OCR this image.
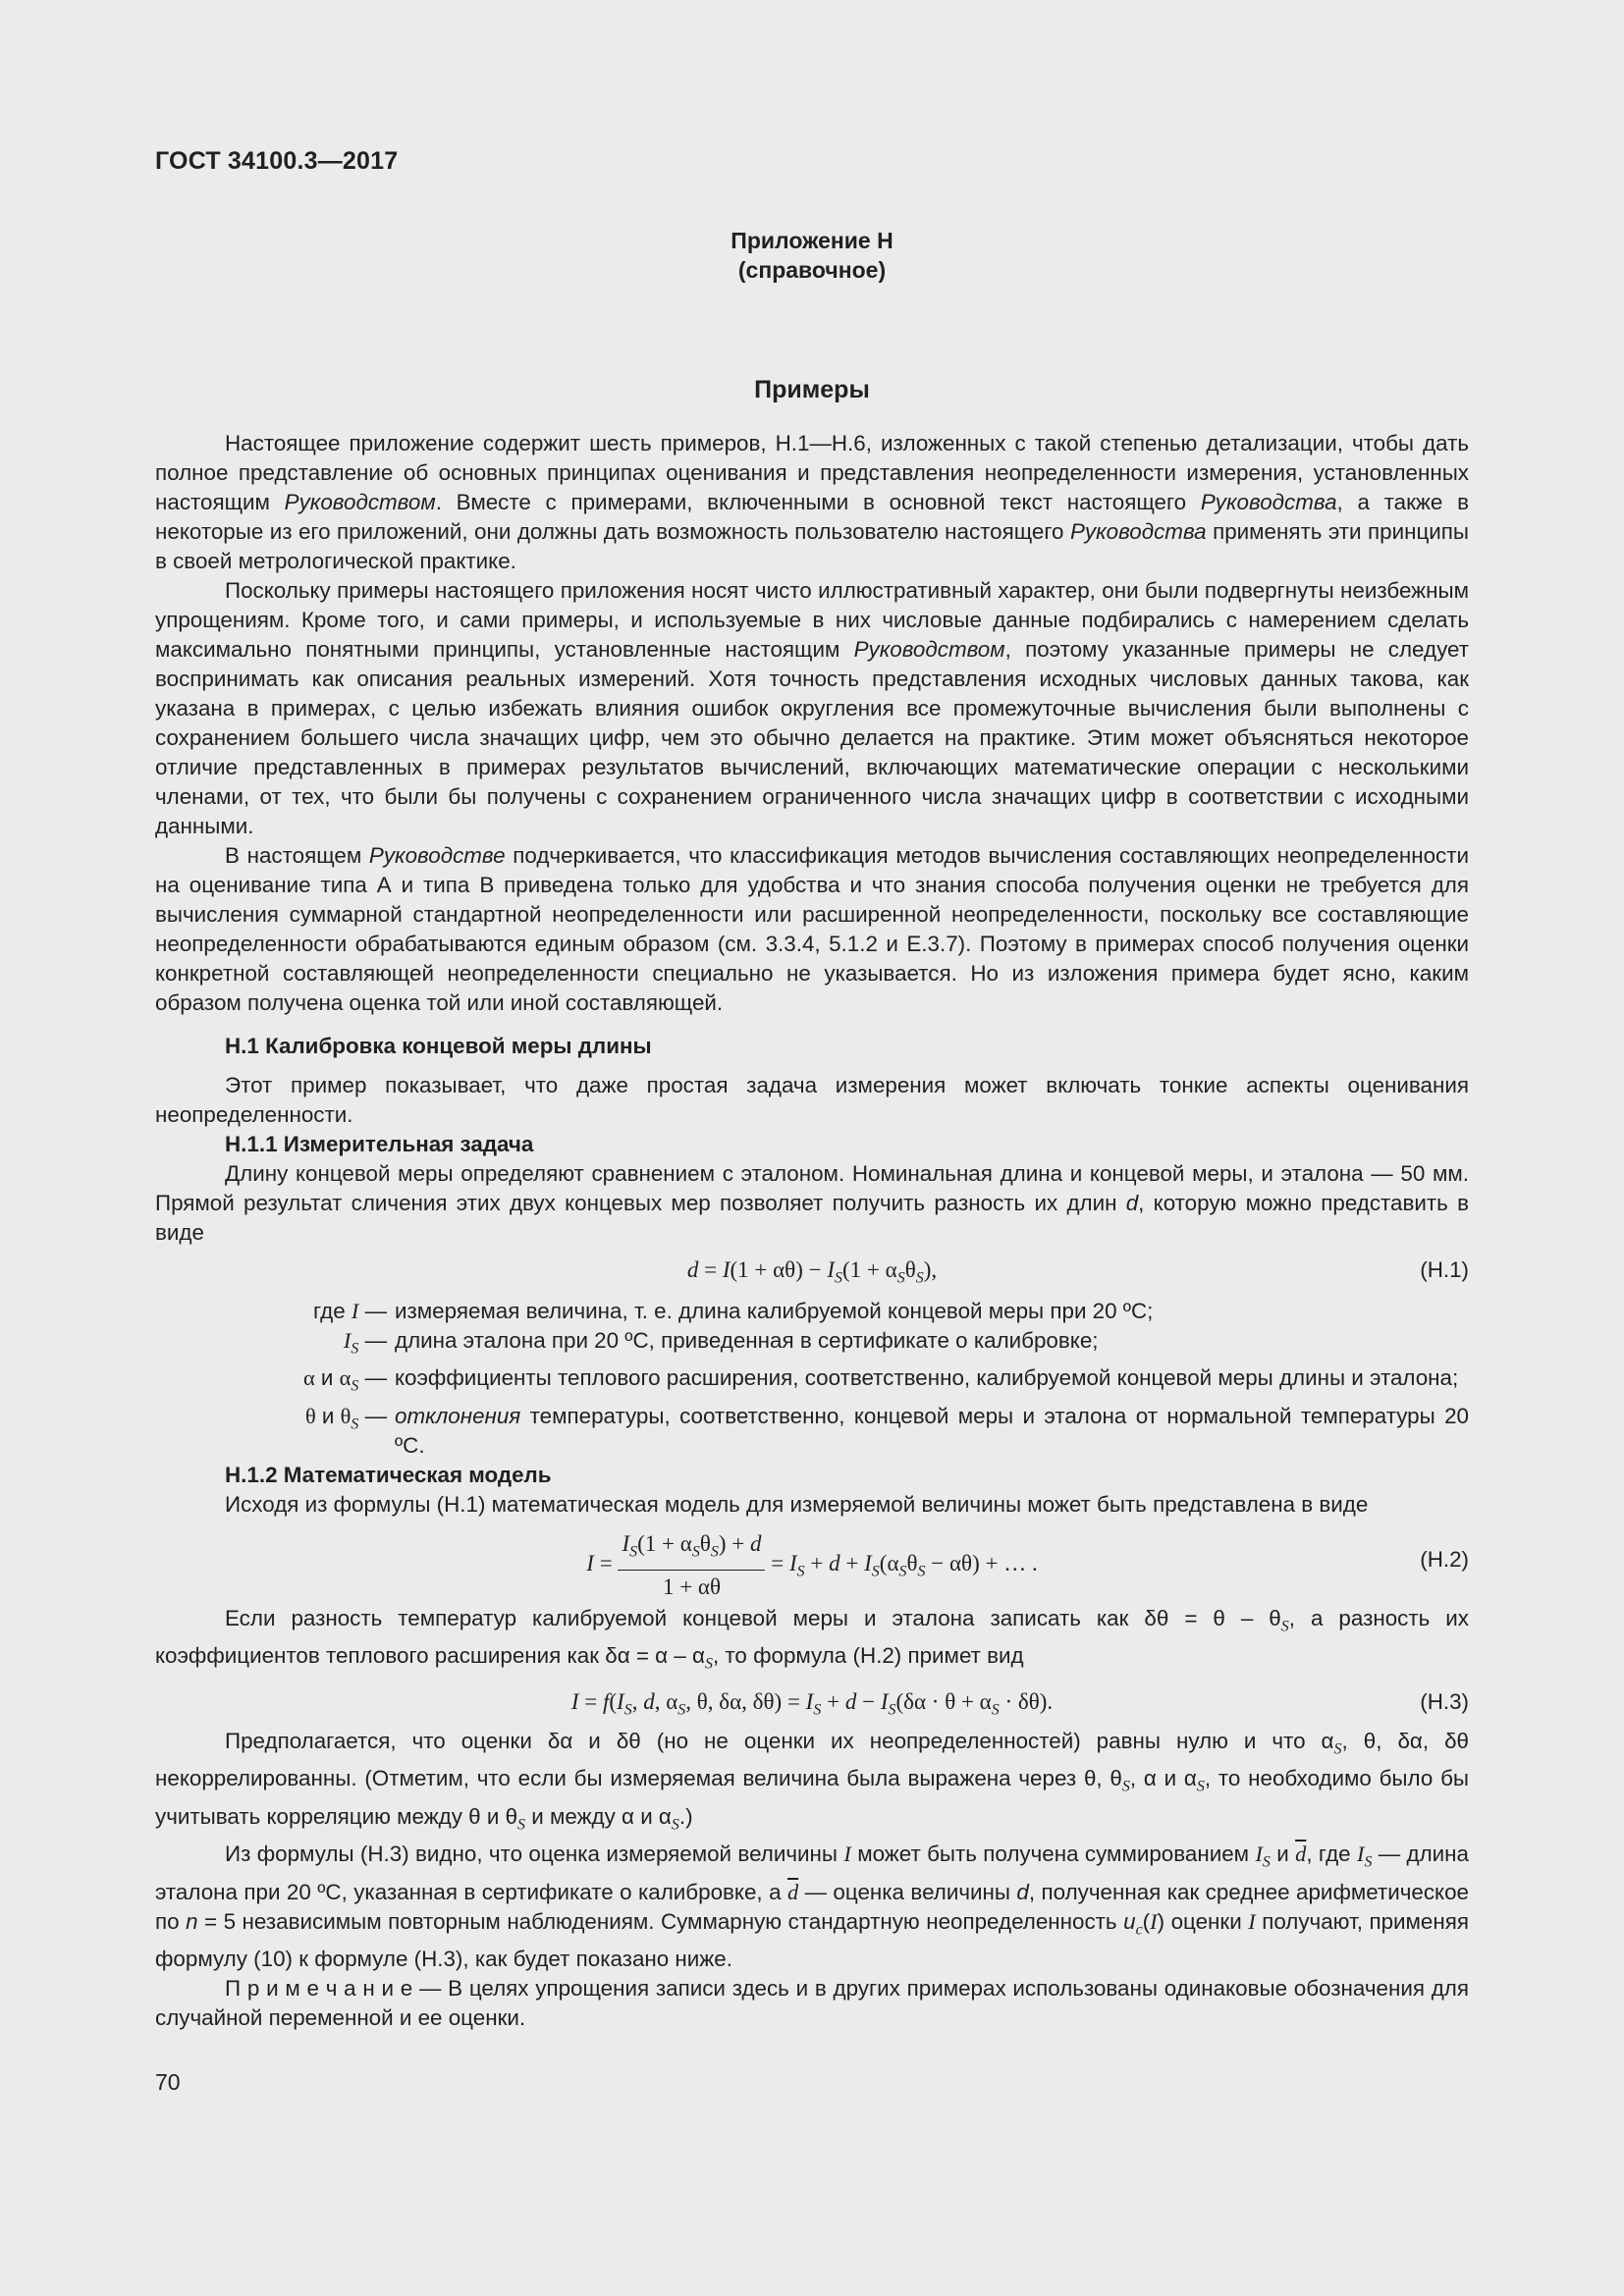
ГОСТ 34100.3—2017
Приложение Н
(справочное)
Примеры

Настоящее приложение содержит шесть примеров, Н.1—Н.6, изложенных с такой степенью детализации, чтобы дать полное представление об основных принципах оценивания и представления неопределенности измерения, установленных настоящим Руководством. Вместе с примерами, включенными в основной текст настоящего Руководства, а также в некоторые из его приложений, они должны дать возможность пользователю настоящего Руководства применять эти принципы в своей метрологической практике.

Поскольку примеры настоящего приложения носят чисто иллюстративный характер, они были подвергнуты неизбежным упрощениям. Кроме того, и сами примеры, и используемые в них числовые данные подбирались с намерением сделать максимально понятными принципы, установленные настоящим Руководством, поэтому указанные примеры не следует воспринимать как описания реальных измерений. Хотя точность представления исходных числовых данных такова, как указана в примерах, с целью избежать влияния ошибок округления все промежуточные вычисления были выполнены с сохранением большего числа значащих цифр, чем это обычно делается на практике. Этим может объясняться некоторое отличие представленных в примерах результатов вычислений, включающих математические операции с несколькими членами, от тех, что были бы получены с сохранением ограниченного числа значащих цифр в соответствии с исходными данными.

В настоящем Руководстве подчеркивается, что классификация методов вычисления составляющих неопределенности на оценивание типа А и типа В приведена только для удобства и что знания способа получения оценки не требуется для вычисления суммарной стандартной неопределенности или расширенной неопределенности, поскольку все составляющие неопределенности обрабатываются единым образом (см. 3.3.4, 5.1.2 и Е.3.7). Поэтому в примерах способ получения оценки конкретной составляющей неопределенности специально не указывается. Но из изложения примера будет ясно, каким образом получена оценка той или иной составляющей.

Н.1 Калибровка концевой меры длины

Этот пример показывает, что даже простая задача измерения может включать тонкие аспекты оценивания неопределенности.

Н.1.1 Измерительная задача

Длину концевой меры определяют сравнением с эталоном. Номинальная длина и концевой меры, и эталона — 50 мм. Прямой результат сличения этих двух концевых мер позволяет получить разность их длин d, которую можно представить в виде

$d = I(1 + \alpha\theta) - I_S(1 + \alpha_S\theta_S)$,	(Н.1)
где I — измеряемая величина, т. е. длина калибруемой концевой меры при 20 ºС;
$I_S$ — длина эталона при 20 ºС, приведенная в сертификате о калибровке;
α и $\alpha_S$ — коэффициенты теплового расширения, соответственно, калибруемой концевой меры длины и эталона;
θ и $\theta_S$ — отклонения температуры, соответственно, концевой меры и эталона от нормальной температуры 20 ºС.
Н.1.2 Математическая модель

Исходя из формулы (Н.1) математическая модель для измеряемой величины может быть представлена в виде

$I = \frac{I_S(1 + \alpha_S\theta_S) + d}{1 + \alpha\theta} = I_S + d + I_S(\alpha_S\theta_S - \alpha\theta)$ + … .	(Н.2)

Если разность температур калибруемой концевой меры и эталона записать как $\delta\theta = \theta - \theta_S$, а разность их коэффициентов теплового расширения как $\delta\alpha = \alpha - \alpha_S$, то формула (Н.2) примет вид

$I = f(I_S$, d, $\alpha_S$, θ, δα, $\delta\theta) = I_S + d - I_S(\delta\alpha \cdot \theta + \alpha_S \cdot \delta\theta)$.	(Н.3)

Предполагается, что оценки δα и δθ (но не оценки их неопределенностей) равны нулю и что $\alpha_S$, θ, δα, δθ некоррелированны. (Отметим, что если бы измеряемая величина была выражена через θ, $\theta_S$, α и $\alpha_S$, то необходимо было бы учитывать корреляцию между θ и $\theta_S$ и между α и $\alpha_S$.)

Из формулы (Н.3) видно, что оценка измеряемой величины I может быть получена суммированием $I_S$ и $\overline{d}$, где $I_S$ — длина эталона при 20 ºС, указанная в сертификате о калибровке, а $\overline{d}$ — оценка величины d, полученная как среднее арифметическое по n = 5 независимым повторным наблюдениям. Суммарную стандартную неопределенность $u_c(I)$ оценки I получают, применяя формулу (10) к формуле (Н.3), как будет показано ниже.

П р и м е ч а н и е — В целях упрощения записи здесь и в других примерах использованы одинаковые обозначения для случайной переменной и ее оценки.

70
